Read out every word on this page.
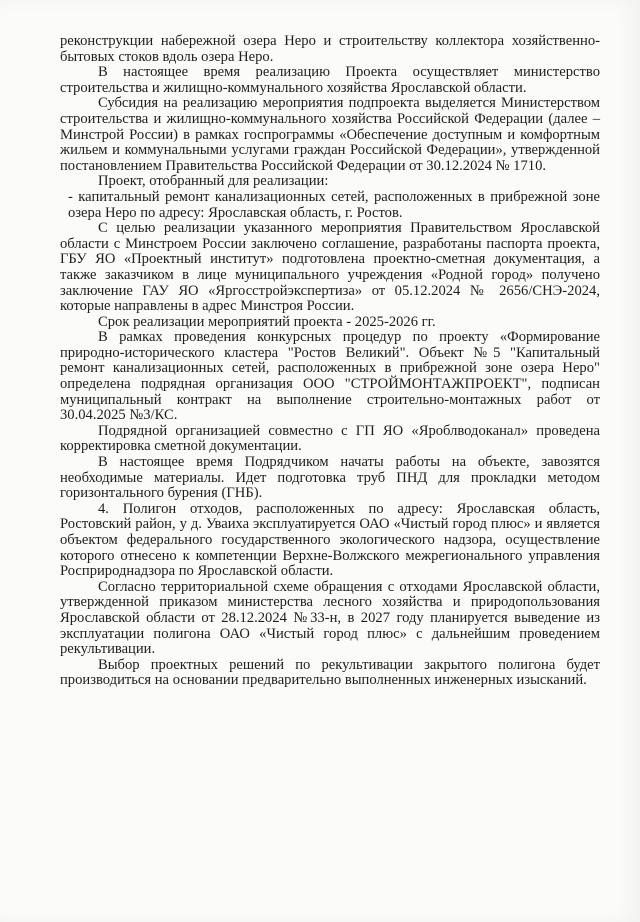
реконструкции набережной озера Неро и строительству коллектора хозяйственно-бытовых стоков вдоль озера Неро.

В настоящее время реализацию Проекта осуществляет министерство строительства и жилищно-коммунального хозяйства Ярославской области.

Субсидия на реализацию мероприятия подпроекта выделяется Министерством строительства и жилищно-коммунального хозяйства Российской Федерации (далее – Минстрой России) в рамках госпрограммы «Обеспечение доступным и комфортным жильем и коммунальными услугами граждан Российской Федерации», утвержденной постановлением Правительства Российской Федерации от 30.12.2024 № 1710.

Проект, отобранный для реализации:

- капитальный ремонт канализационных сетей, расположенных в прибрежной зоне озера Неро по адресу: Ярославская область, г. Ростов.

С целью реализации указанного мероприятия Правительством Ярославской области с Минстроем России заключено соглашение, разработаны паспорта проекта, ГБУ ЯО «Проектный институт» подготовлена проектно-сметная документация, а также заказчиком в лице муниципального учреждения «Родной город» получено заключение ГАУ ЯО «Яргосстройэкспертиза» от 05.12.2024 № 2656/СНЭ-2024, которые направлены в адрес Минстроя России.

Срок реализации мероприятий проекта - 2025-2026 гг.

В рамках проведения конкурсных процедур по проекту «Формирование природно-исторического кластера "Ростов Великий". Объект №5 "Капитальный ремонт канализационных сетей, расположенных в прибрежной зоне озера Неро" определена подрядная организация ООО "СТРОЙМОНТАЖПРОЕКТ", подписан муниципальный контракт на выполнение строительно-монтажных работ от 30.04.2025 №3/КС.

Подрядной организацией совместно с ГП ЯО «Яроблводоканал» проведена корректировка сметной документации.

В настоящее время Подрядчиком начаты работы на объекте, завозятся необходимые материалы. Идет подготовка труб ПНД для прокладки методом горизонтального бурения (ГНБ).

4. Полигон отходов, расположенных по адресу: Ярославская область, Ростовский район, у д. Уваиха эксплуатируется ОАО «Чистый город плюс» и является объектом федерального государственного экологического надзора, осуществление которого отнесено к компетенции Верхне-Волжского межрегионального управления Росприроднадзора по Ярославской области.

Согласно территориальной схеме обращения с отходами Ярославской области, утвержденной приказом министерства лесного хозяйства и природопользования Ярославской области от 28.12.2024 №33-н, в 2027 году планируется выведение из эксплуатации полигона ОАО «Чистый город плюс» с дальнейшим проведением рекультивации.

Выбор проектных решений по рекультивации закрытого полигона будет производиться на основании предварительно выполненных инженерных изысканий.
